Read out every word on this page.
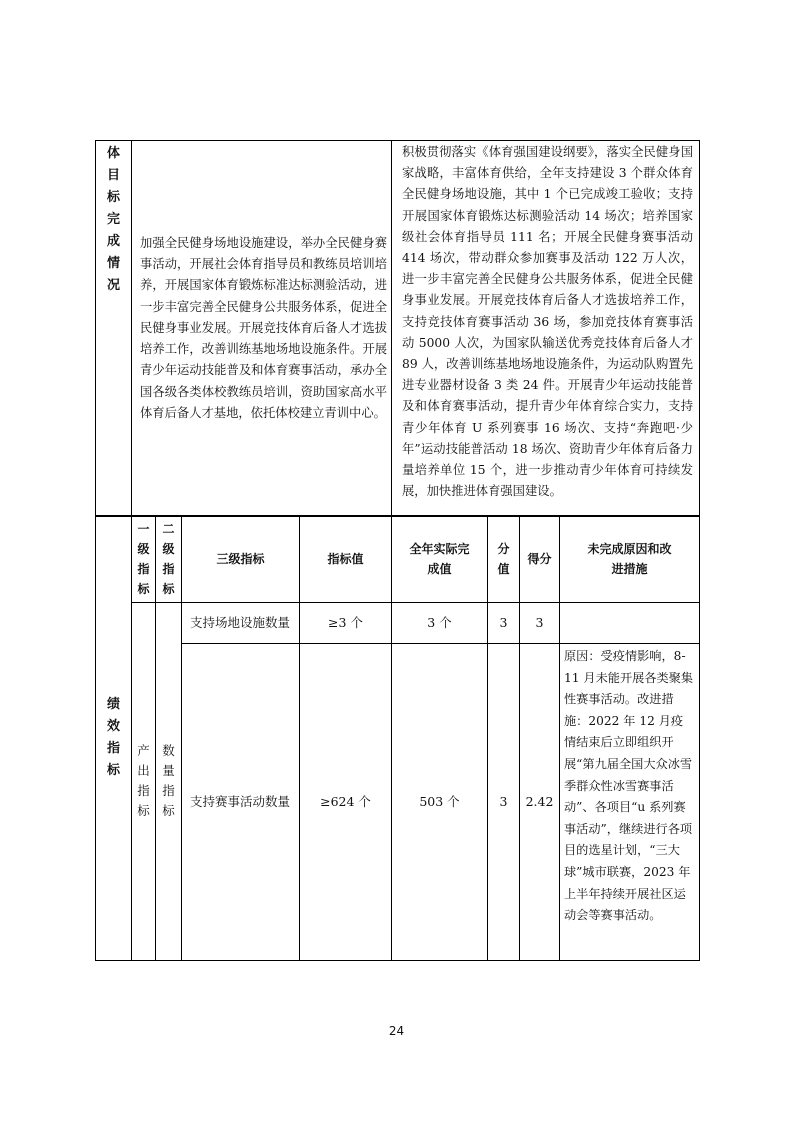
体目标完成情况	加强全民健身场地设施建设，举办全民健身赛事活动，开展社会体育指导员和教练员培训培养，开展国家体育锻炼标准达标测验活动，进一步丰富完善全民健身公共服务体系，促进全民健身事业发展。开展竞技体育后备人才选拔培养工作，改善训练基地场地设施条件。开展青少年运动技能普及和体育赛事活动，承办全国各级各类体校教练员培训，资助国家高水平体育后备人才基地，依托体校建立青训中心。	积极贯彻落实《体育强国建设纲要》，落实全民健身国家战略，丰富体育供给，全年支持建设 3 个群众体育全民健身场地设施，其中 1 个已完成竣工验收；支持开展国家体育锻炼达标测验活动 14 场次；培养国家级社会体育指导员 111 名；开展全民健身赛事活动 414 场次，带动群众参加赛事及活动 122 万人次，进一步丰富完善全民健身公共服务体系，促进全民健身事业发展。开展竞技体育后备人才选拔培养工作，支持竞技体育赛事活动 36 场，参加竞技体育赛事活动 5000 人次，为国家队输送优秀竞技体育后备人才 89 人，改善训练基地场地设施条件，为运动队购置先进专业器材设备 3 类 24 件。开展青少年运动技能普及和体育赛事活动，提升青少年体育综合实力，支持青少年体育 U 系列赛事 16 场次、支持“奔跑吧·少年”运动技能普活动 18 场次、资助青少年体育后备力量培养单位 15 个，进一步推动青少年体育可持续发展，加快推进体育强国建设。
绩效指标	一级指标	二级指标	三级指标	指标值	全年实际完成值	分值	得分	未完成原因和改进措施
	产出指标	数量指标	支持场地设施数量	≥3 个	3 个	3	3	
			支持赛事活动数量	≥624 个	503 个	3	2.42	原因：受疫情影响，8-11 月未能开展各类聚集性赛事活动。改进措施：2022 年 12 月疫情结束后立即组织开展“第九届全国大众冰雪季群众性冰雪赛事活动”、各项目“u 系列赛事活动”，继续进行各项目的选星计划，“三大球”城市联赛，2023 年上半年持续开展社区运动会等赛事活动。
24
